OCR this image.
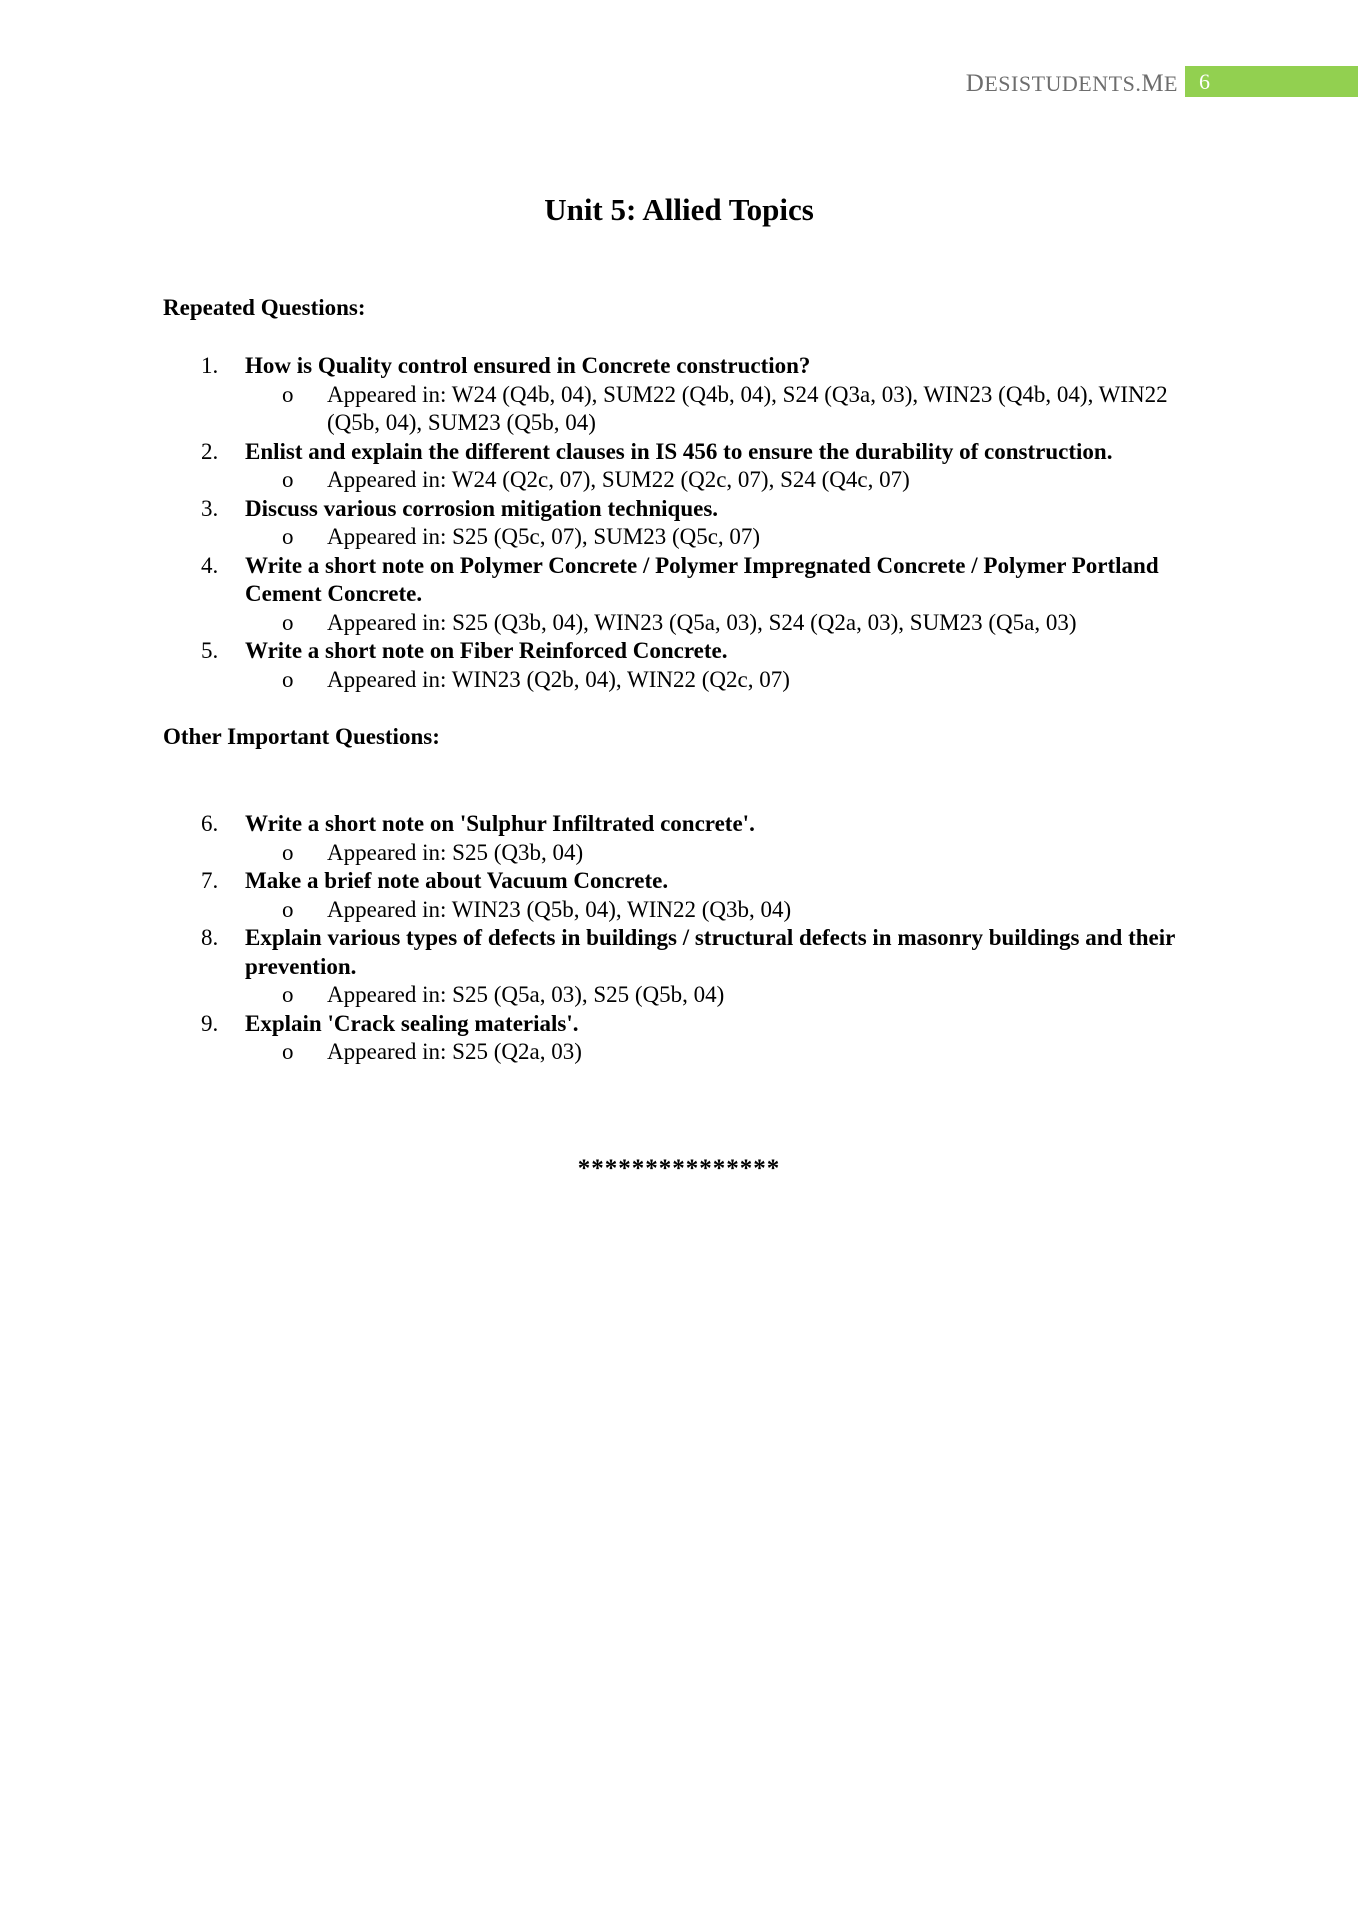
DESISTUDENTS.ME 6
Unit 5: Allied Topics
Repeated Questions:
1. How is Quality control ensured in Concrete construction?
o Appeared in: W24 (Q4b, 04), SUM22 (Q4b, 04), S24 (Q3a, 03), WIN23 (Q4b, 04), WIN22 (Q5b, 04), SUM23 (Q5b, 04)
2. Enlist and explain the different clauses in IS 456 to ensure the durability of construction.
o Appeared in: W24 (Q2c, 07), SUM22 (Q2c, 07), S24 (Q4c, 07)
3. Discuss various corrosion mitigation techniques.
o Appeared in: S25 (Q5c, 07), SUM23 (Q5c, 07)
4. Write a short note on Polymer Concrete / Polymer Impregnated Concrete / Polymer Portland Cement Concrete.
o Appeared in: S25 (Q3b, 04), WIN23 (Q5a, 03), S24 (Q2a, 03), SUM23 (Q5a, 03)
5. Write a short note on Fiber Reinforced Concrete.
o Appeared in: WIN23 (Q2b, 04), WIN22 (Q2c, 07)
Other Important Questions:
6. Write a short note on 'Sulphur Infiltrated concrete'.
o Appeared in: S25 (Q3b, 04)
7. Make a brief note about Vacuum Concrete.
o Appeared in: WIN23 (Q5b, 04), WIN22 (Q3b, 04)
8. Explain various types of defects in buildings / structural defects in masonry buildings and their prevention.
o Appeared in: S25 (Q5a, 03), S25 (Q5b, 04)
9. Explain 'Crack sealing materials'.
o Appeared in: S25 (Q2a, 03)
***************
